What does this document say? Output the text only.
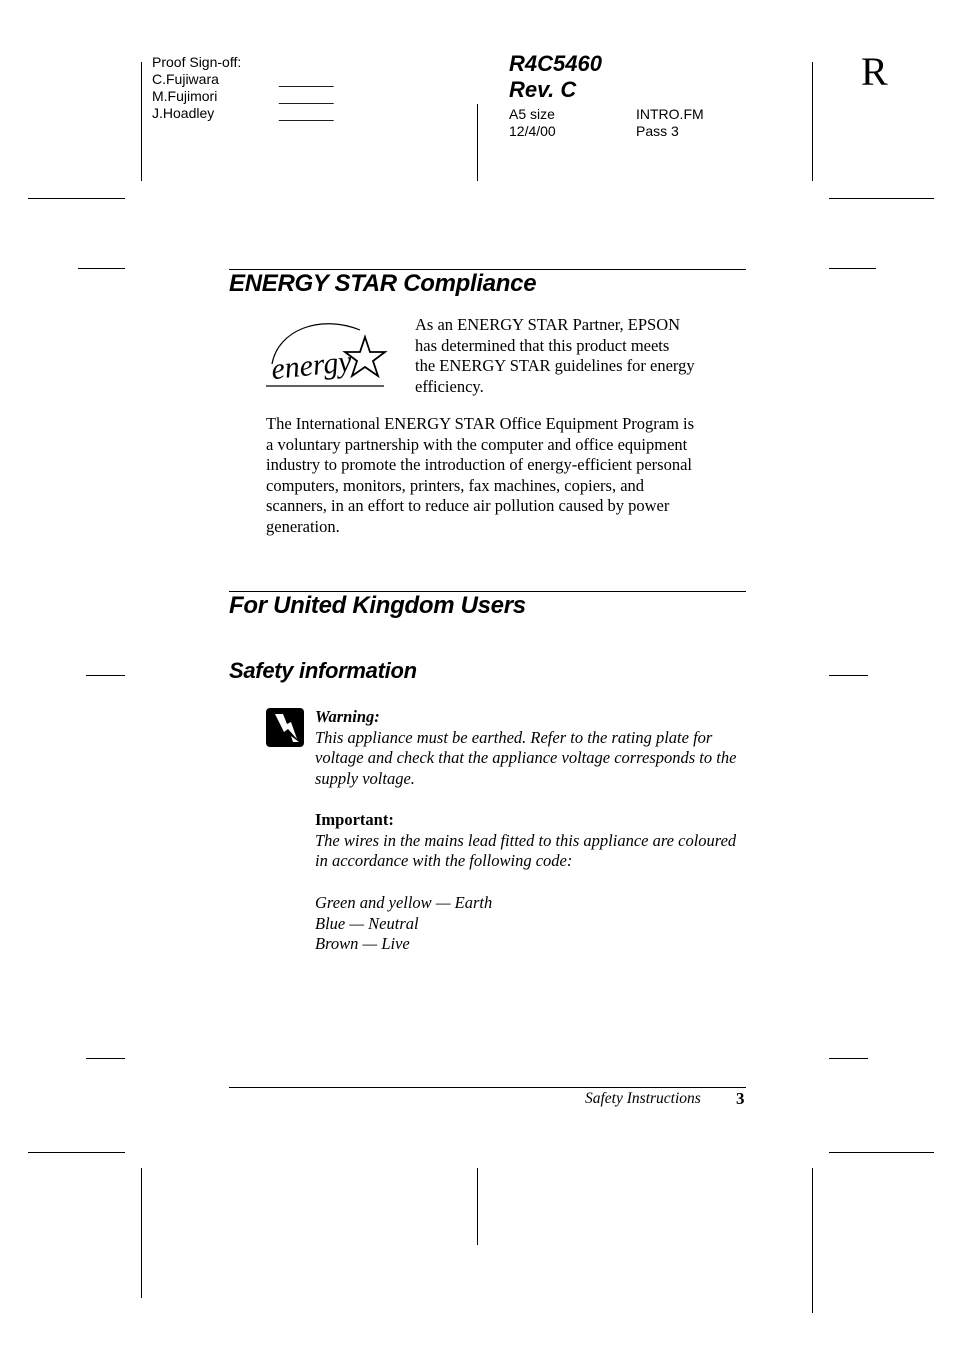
Proof Sign-off:
C.Fujiwara
M.Fujimori
J.Hoadley
_______
_______
_______
R4C5460
Rev. C
A5 size
12/4/00
INTRO.FM
Pass 3
R
ENERGY STAR Compliance
energy
As an ENERGY STAR Partner, EPSON
has determined that this product meets
the ENERGY STAR guidelines for energy
efficiency.
The International ENERGY STAR Office Equipment Program is
a voluntary partnership with the computer and office equipment
industry to promote the introduction of energy-efficient personal
computers, monitors, printers, fax machines, copiers, and
scanners, in an effort to reduce air pollution caused by power
generation.
For United Kingdom Users
Safety information
Warning:
This appliance must be earthed. Refer to the rating plate for
voltage and check that the appliance voltage corresponds to the
supply voltage.
Important:
The wires in the mains lead fitted to this appliance are coloured
in accordance with the following code:
Green and yellow — Earth
Blue — Neutral
Brown — Live
Safety Instructions 3
